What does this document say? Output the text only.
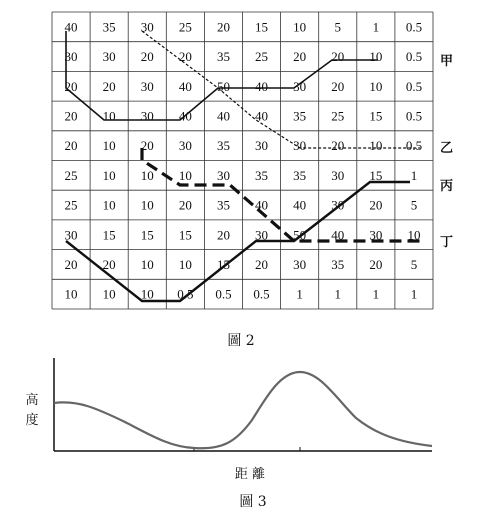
40 35 30 25 20 15 10 5 1 0.5
30 30 20 20 35 25 20 20 10 0.5
20 20 30 40 50 40 30 20 10 0.5
20 10 30 40 40 40 35 25 15 0.5
20 10 20 30 35 30 30 20 10 0.5
25 10 10 10 30 35 35 30 15 1
25 10 10 20 35 40 40 30 20 5
30 15 15 15 20 30 50 40 30 10
20 20 10 10 15 20 30 35 20 5
10 10 10 0.5 0.5 0.5 1 1 1 1
甲
乙
丙
丁
圖 2
高
度
距 離
圖 3
